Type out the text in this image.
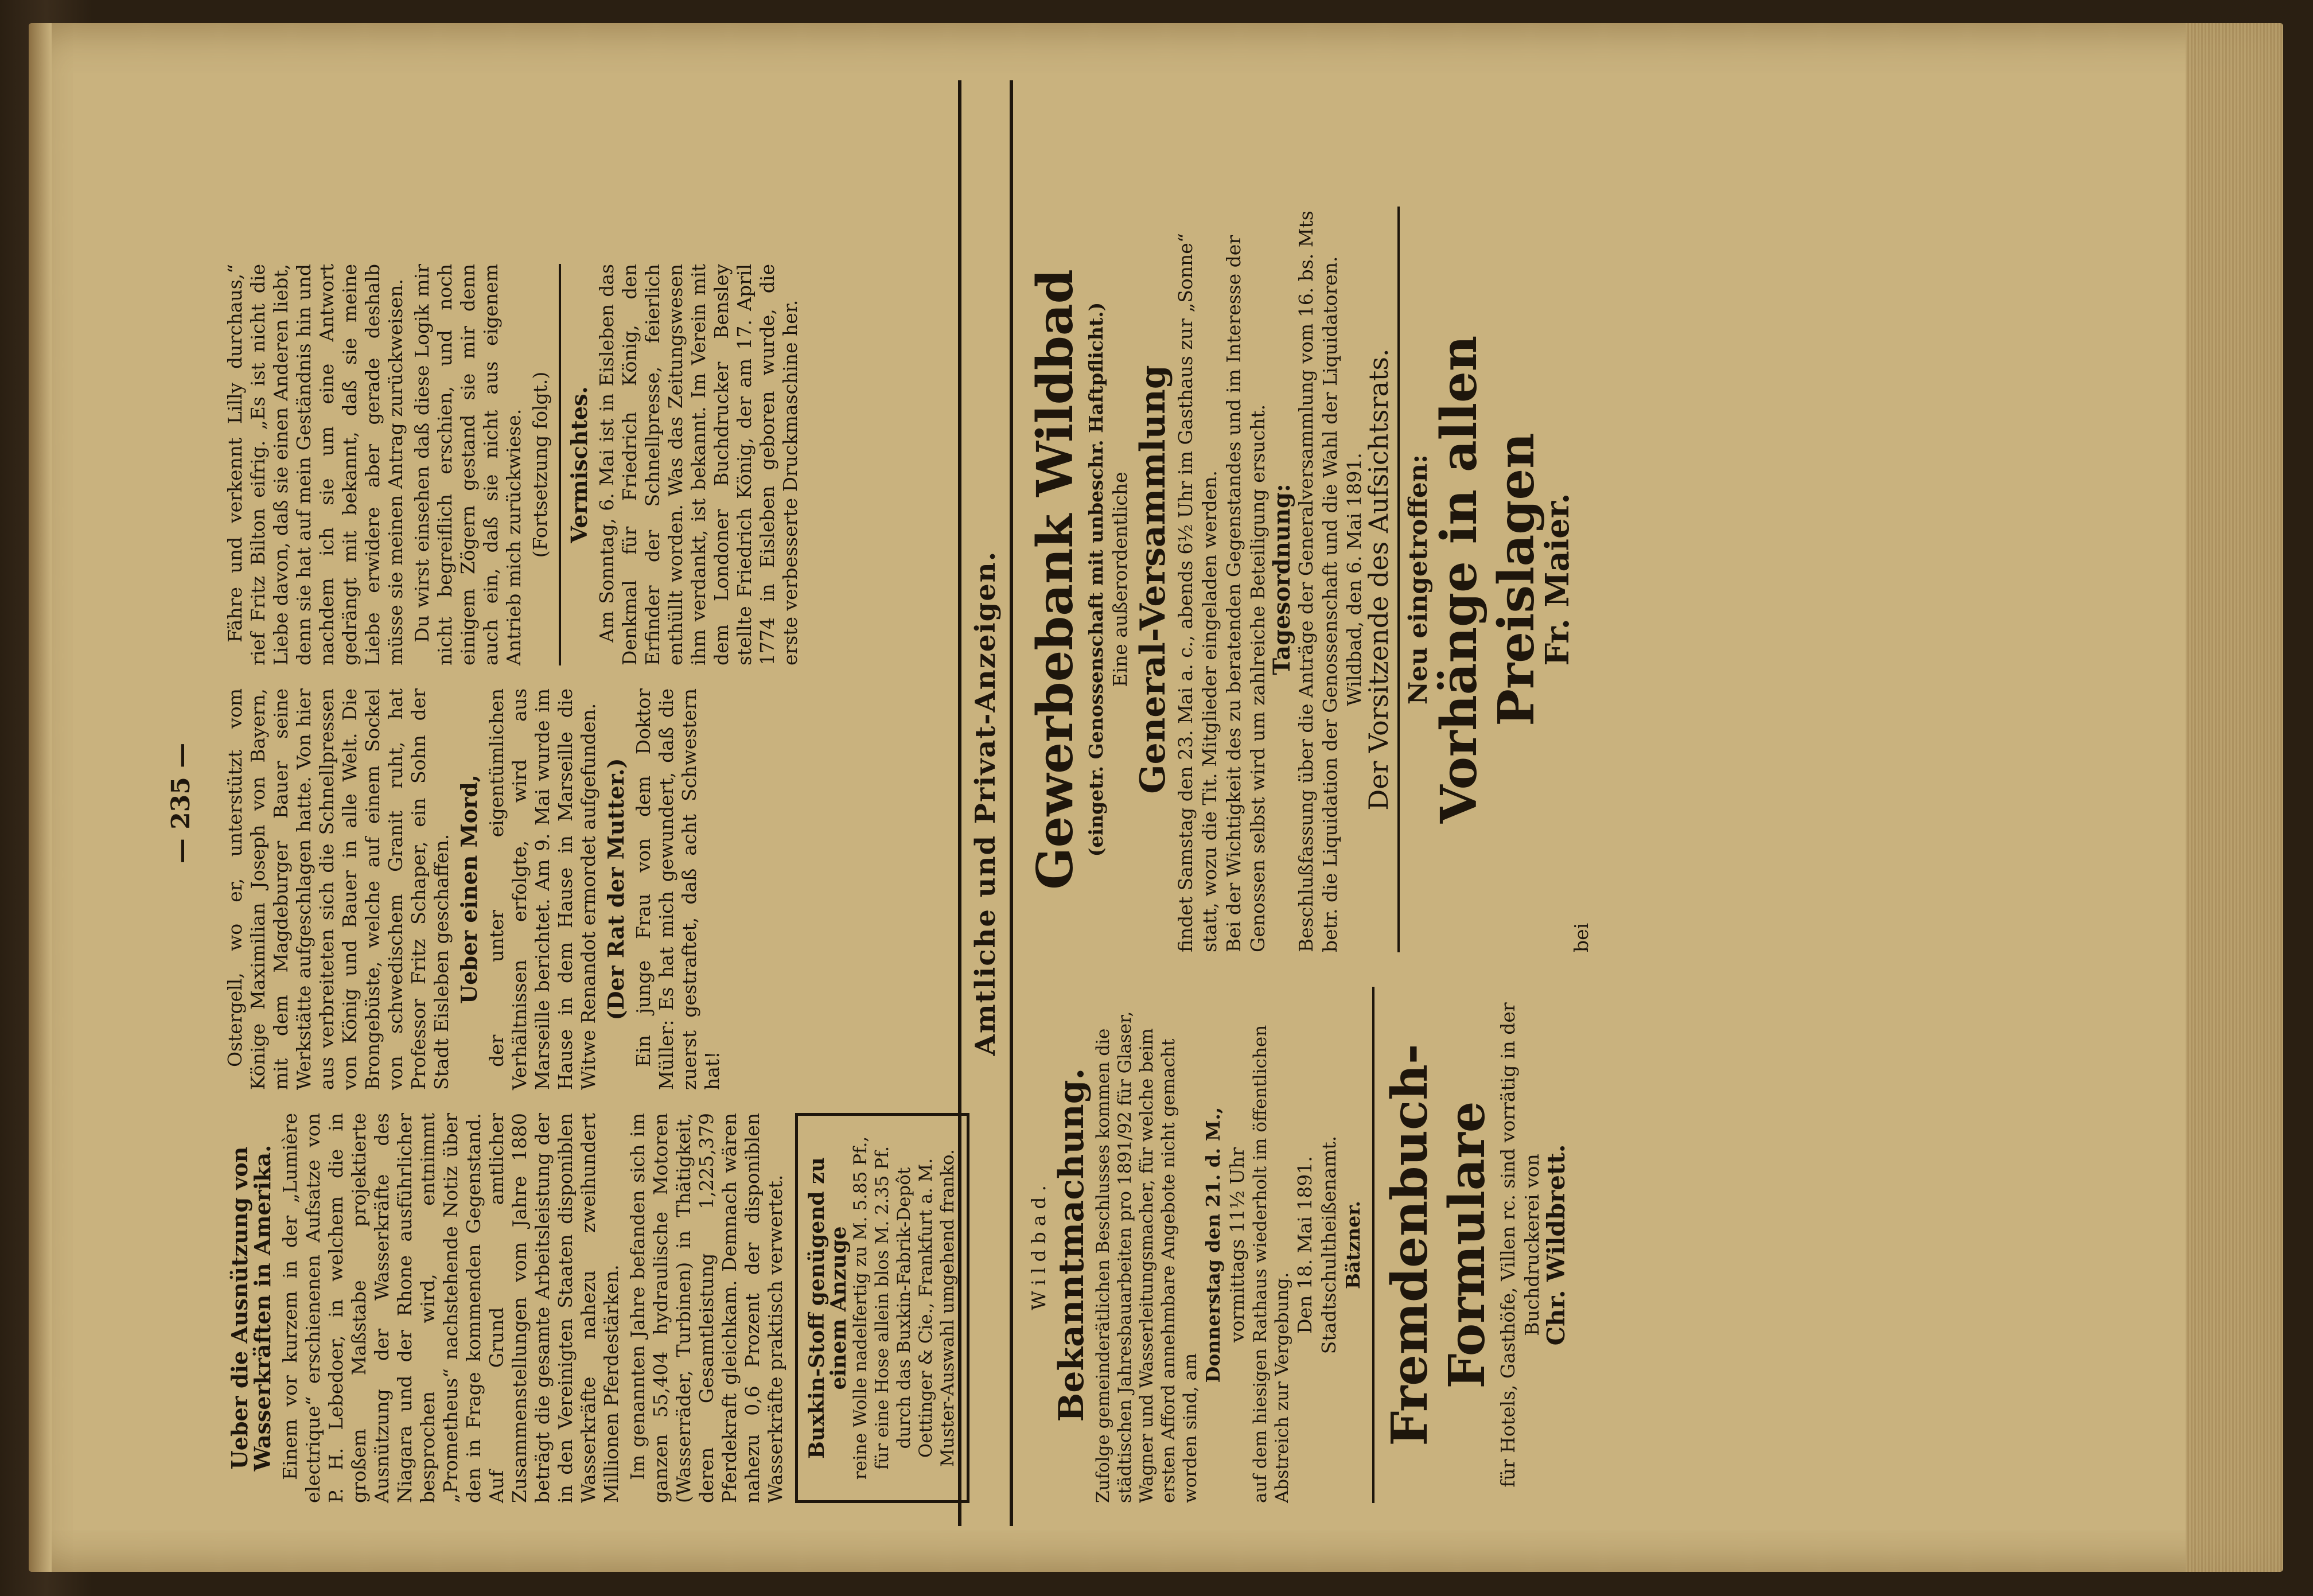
— 235 —
Ueber die Ausnützung von Wasserkräften in Amerika. Einem vor kurzem in der „Lumière electrique“ erschienenen Aufsatze von P. H. Lebedoer, in welchem die in großem Maßstabe projektierte Ausnützung der Wasserkräfte des Niagara und der Rhone ausführlicher besprochen wird, entnimmt „Prometheus“ nachstehende Notiz über den in Frage kommenden Gegenstand. Auf Grund amtlicher Zusammenstellungen vom Jahre 1880 beträgt die gesamte Arbeitsleistung der in den Vereinigten Staaten disponiblen Wasserkräfte nahezu zweihundert Millionen Pferdestärken. Im genannten Jahre befanden sich im ganzen 55,404 hydraulische Motoren (Wasserräder, Turbinen) in Thätigkeit, deren Gesamtleistung 1,225,379 Pferdekraft gleichkam. Demnach wären nahezu 0,6 Prozent der disponiblen Wasserkräfte praktisch verwertet. Buxkin-Stoff genügend zu einem Anzuge reine Wolle nadelfertig zu M. 5.85 Pf., für eine Hose allein blos M. 2.35 Pf. durch das Buxkin-Fabrik-Depôt Oettinger & Cie., Frankfurt a. M. Muster-Auswahl umgehend franko.

Ostergell, wo er, unterstützt vom Könige Maximilian Joseph von Bayern, mit dem Magdeburger Bauer seine Werkstätte aufgeschlagen hatte. Von hier aus verbreiteten sich die Schnellpressen von König und Bauer in alle Welt. Die Brongebüste, welche auf einem Sockel von schwedischem Granit ruht, hat Professor Fritz Schaper, ein Sohn der Stadt Eisleben geschaffen. Ueber einen Mord, der unter eigentümlichen Verhältnissen erfolgte, wird aus Marseille berichtet. Am 9. Mai wurde im Hause in dem Hause in Marseille die Witwe Renandot ermordet aufgefunden. (Der Rat der Mutter.) Ein junge Frau von dem Doktor Müller: Es hat mich gewundert, daß die zuerst gestraftet, daß acht Schwestern hat!

Fähre und verkennt Lilly durchaus,“ rief Fritz Bilton eifrig. „Es ist nicht die Liebe davon, daß sie einen Anderen liebt, denn sie hat auf mein Geständnis hin und nachdem ich sie um eine Antwort gedrängt mit bekannt, daß sie meine Liebe erwidere aber gerade deshalb müsse sie meinen Antrag zurückweisen. Du wirst einsehen daß diese Logik mir nicht begreiflich erschien, und noch einigem Zögern gestand sie mir denn auch ein, daß sie nicht aus eigenem Antrieb mich zurückwiese. (Fortsetzung folgt.) Vermischtes. Am Sonntag, 6. Mai ist in Eisleben das Denkmal für Friedrich König, den Erfinder der Schnellpresse, feierlich enthüllt worden. Was das Zeitungswesen ihm verdankt, ist bekannt. Im Verein mit dem Londoner Buchdrucker Bensley stellte Friedrich König, der am 17. April 1774 in Eisleben geboren wurde, die erste verbesserte Druckmaschine her.

Amtliche und Privat-Anzeigen.
Wildbad. Bekanntmachung. Zufolge gemeinderätlichen Beschlusses kommen die städtischen Jahresbauarbeiten pro 1891/92 für Glaser, Wagner und Wasserleitungsmacher, für welche beim ersten Afford annehmbare Angebote nicht gemacht worden sind, am
Donnerstag den 21. d. M., vormittags 11½ Uhr auf dem hiesigen Rathaus wiederholt im öffentlichen Abstreich zur Vergebung.
Den 18. Mai 1891. Stadtschultheißenamt. Bätzner. Fremdenbuch-Formulare für Hotels, Gasthöfe, Villen rc. sind vorrätig in der Buchdruckerei von
Chr. Wildbrett.
Gewerbebank Wildbad (eingetr. Genossenschaft mit unbeschr. Haftpflicht.) Eine außerordentliche General-Versammlung findet Samstag den 23. Mai a. c., abends 6½ Uhr im Gasthaus zur „Sonne“ statt, wozu die Tit. Mitglieder eingeladen werden. Bei der Wichtigkeit des zu beratenden Gegenstandes und im Interesse der Genossen selbst wird um zahlreiche Beteiligung ersucht. Tagesordnung: Beschlußfassung über die Anträge der Generalversammlung vom 16. bs. Mts betr. die Liquidation der Genossenschaft und die Wahl der Liquidatoren. Wildbad, den 6. Mai 1891.
Der Vorsitzende des Aufsichtsrats. Neu eingetroffen:
Vorhänge in allen Preislagen
Fr. Maier.
bei
